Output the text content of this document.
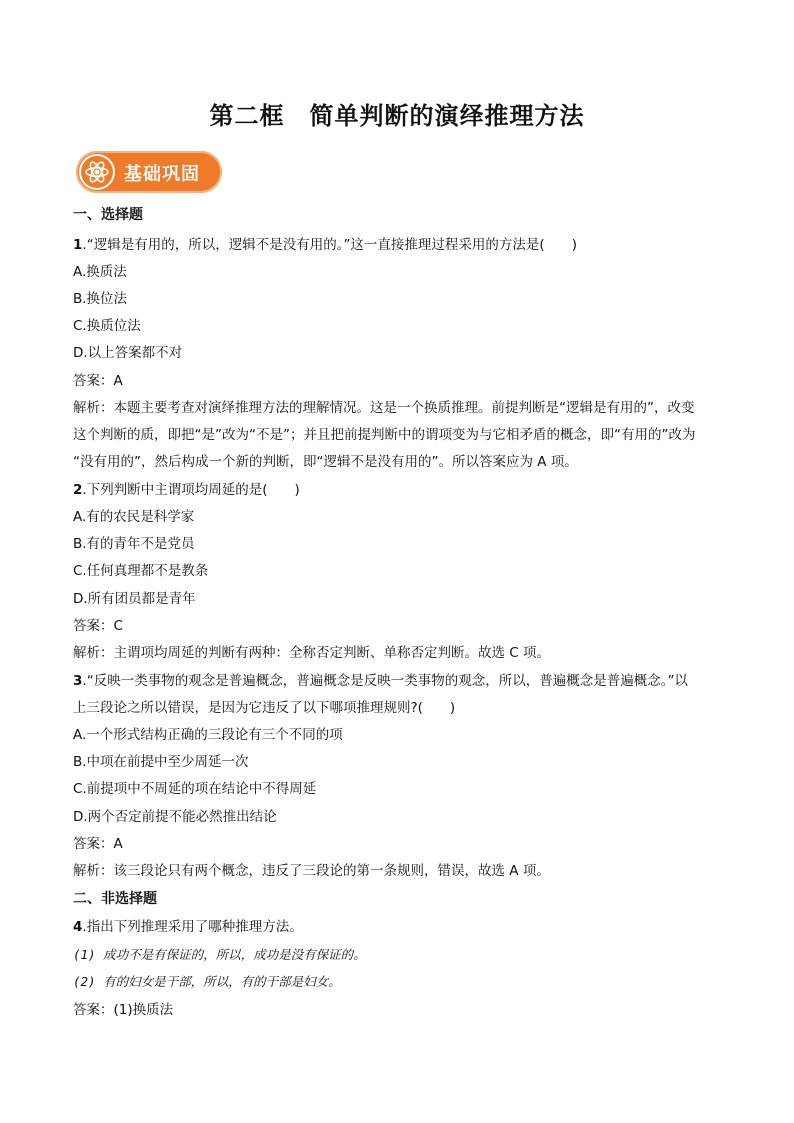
第二框　简单判断的演绎推理方法
基础巩固
一、选择题
1.“逻辑是有用的，所以，逻辑不是没有用的。”这一直接推理过程采用的方法是(　　)
A.换质法
B.换位法
C.换质位法
D.以上答案都不对
答案：A
解析：本题主要考查对演绎推理方法的理解情况。这是一个换质推理。前提判断是“逻辑是有用的”，改变
这个判断的质，即把“是”改为“不是”；并且把前提判断中的谓项变为与它相矛盾的概念，即“有用的”改为
“没有用的”，然后构成一个新的判断，即“逻辑不是没有用的”。所以答案应为 A 项。
2.下列判断中主谓项均周延的是(　　)
A.有的农民是科学家
B.有的青年不是党员
C.任何真理都不是教条
D.所有团员都是青年
答案：C
解析：主谓项均周延的判断有两种：全称否定判断、单称否定判断。故选 C 项。
3.“反映一类事物的观念是普遍概念，普遍概念是反映一类事物的观念，所以，普遍概念是普遍概念。”以
上三段论之所以错误，是因为它违反了以下哪项推理规则?(　　)
A.一个形式结构正确的三段论有三个不同的项
B.中项在前提中至少周延一次
C.前提项中不周延的项在结论中不得周延
D.两个否定前提不能必然推出结论
答案：A
解析：该三段论只有两个概念，违反了三段论的第一条规则，错误，故选 A 项。
二、非选择题
4.指出下列推理采用了哪种推理方法。
(1) 成功不是有保证的，所以，成功是没有保证的。
(2) 有的妇女是干部，所以，有的干部是妇女。
答案：(1)换质法
